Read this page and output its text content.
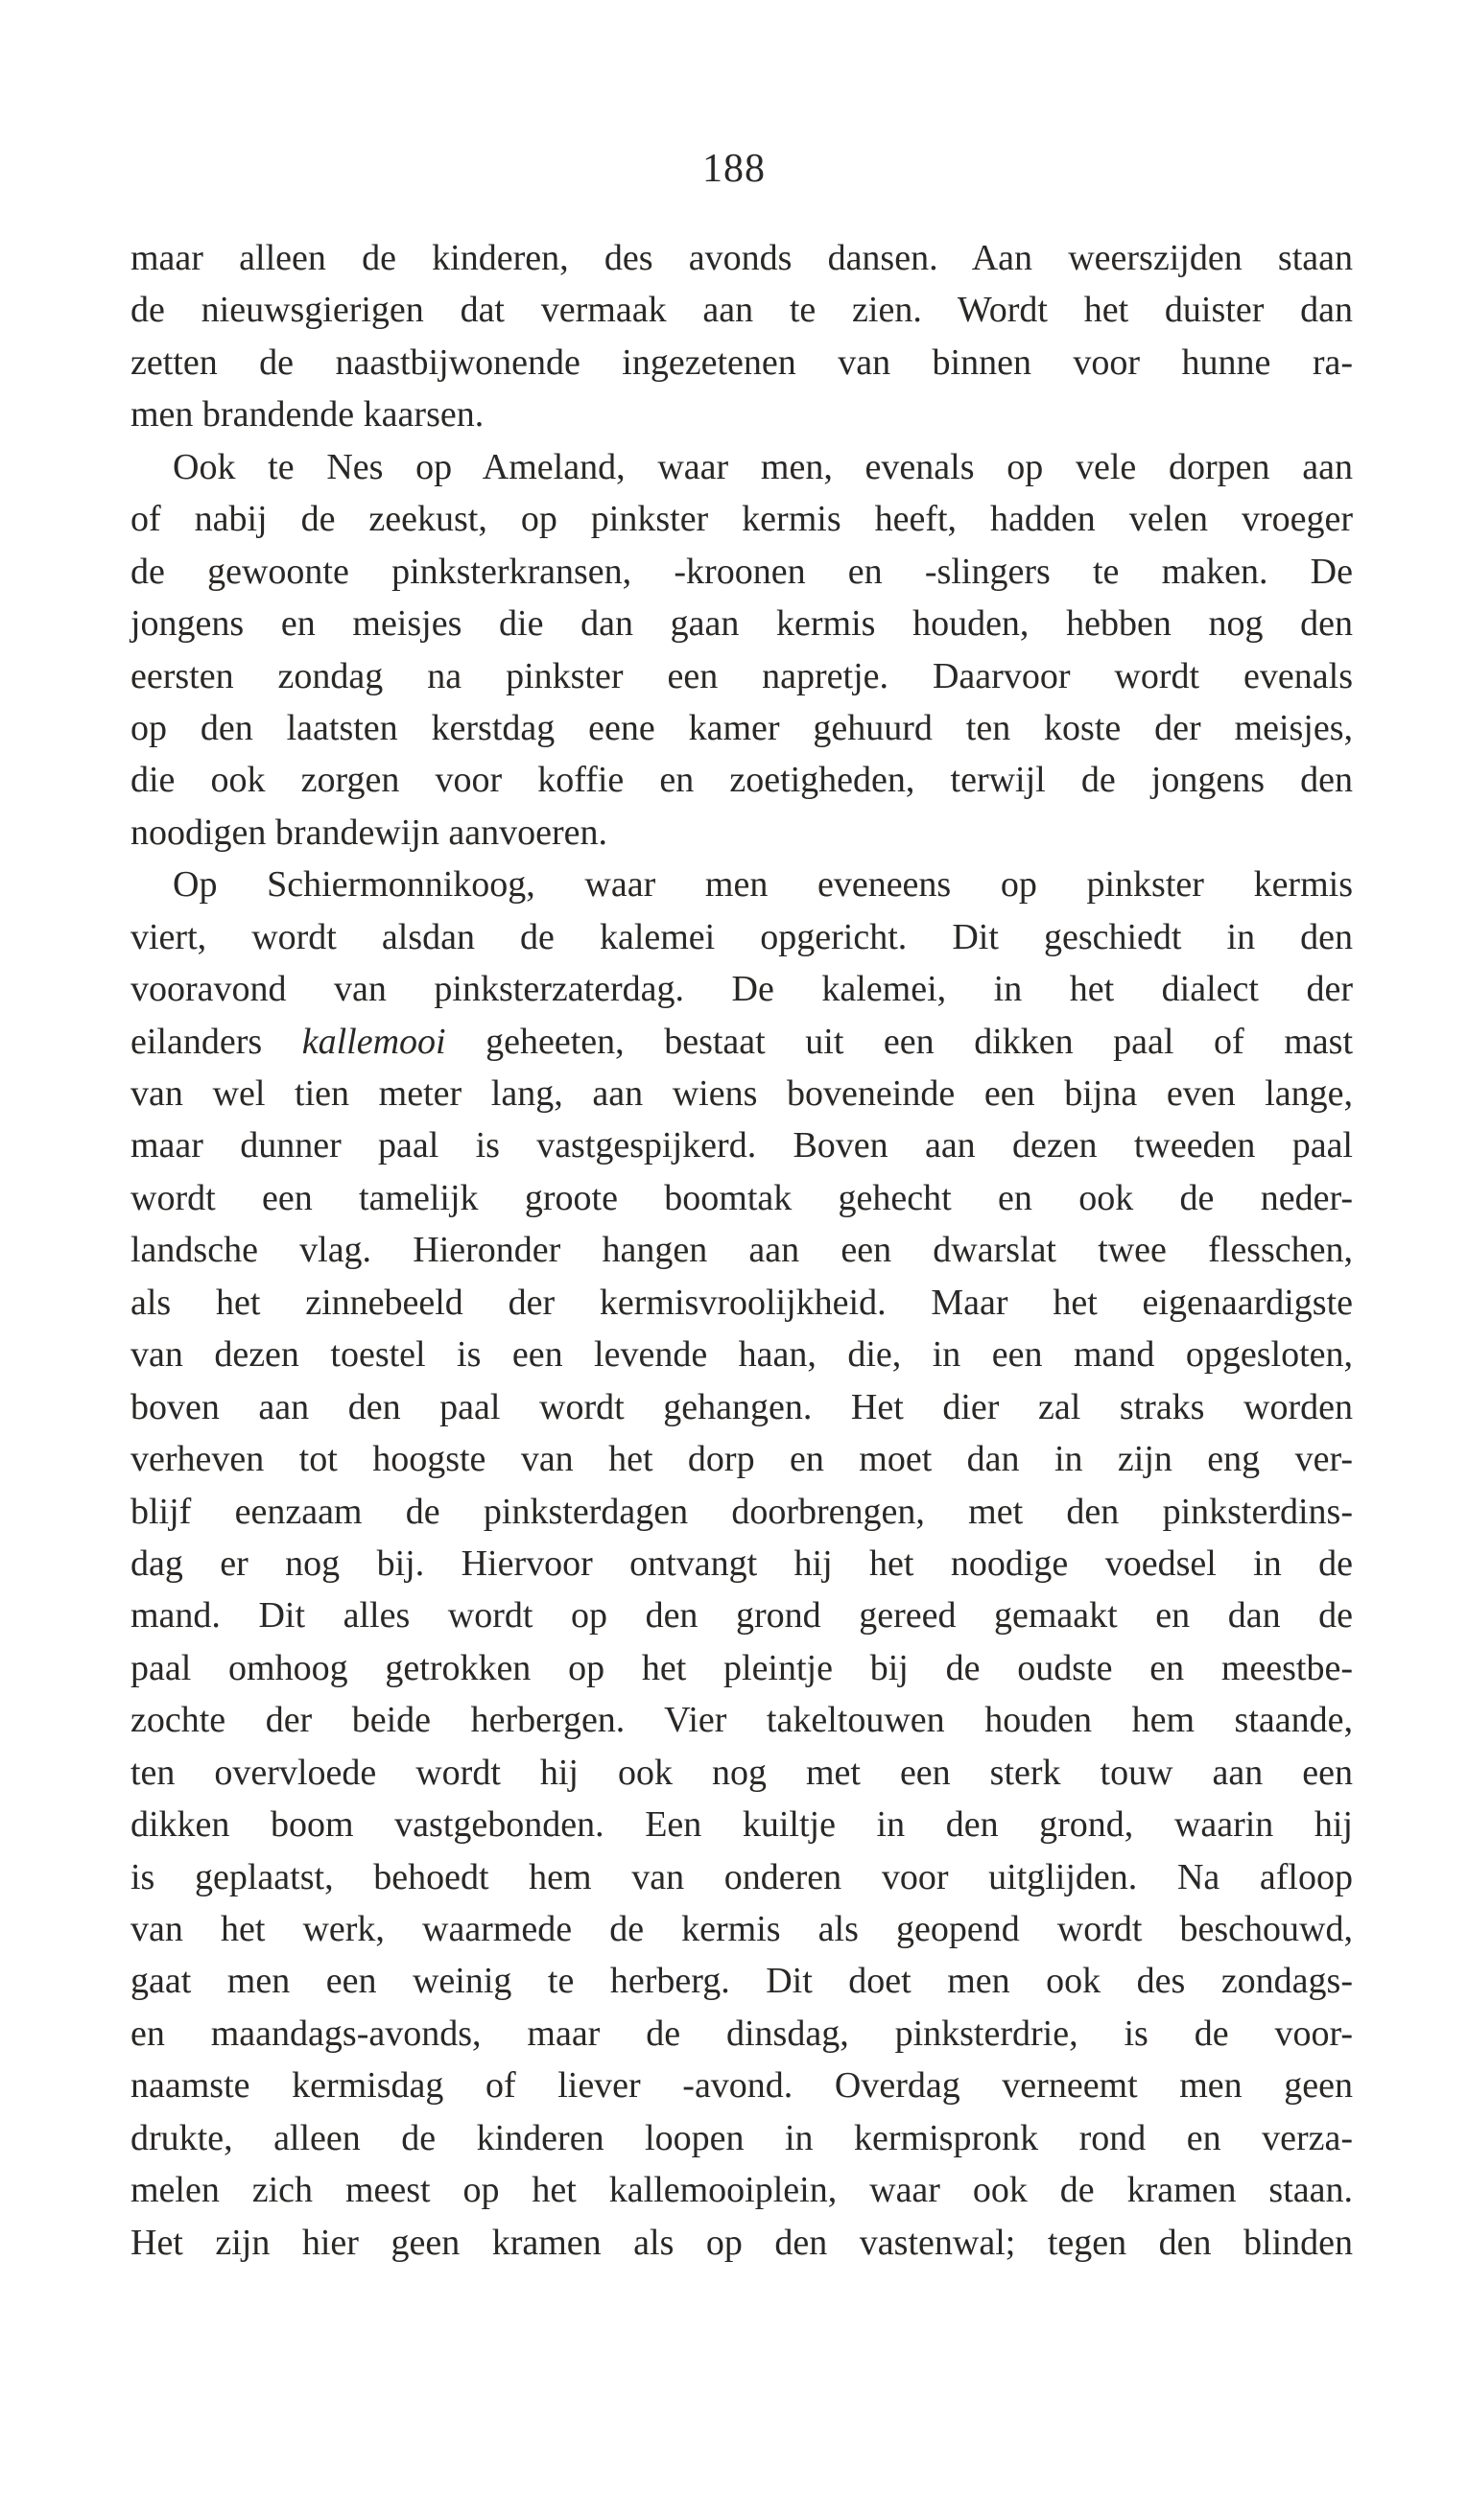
188
maar alleen de kinderen, des avonds dansen. Aan weerszijden staan
de nieuwsgierigen dat vermaak aan te zien. Wordt het duister dan
zetten de naastbijwonende ingezetenen van binnen voor hunne ra-
men brandende kaarsen.
Ook te Nes op Ameland, waar men, evenals op vele dorpen aan
of nabij de zeekust, op pinkster kermis heeft, hadden velen vroeger
de gewoonte pinksterkransen, -kroonen en -slingers te maken. De
jongens en meisjes die dan gaan kermis houden, hebben nog den
eersten zondag na pinkster een napretje. Daarvoor wordt evenals
op den laatsten kerstdag eene kamer gehuurd ten koste der meisjes,
die ook zorgen voor koffie en zoetigheden, terwijl de jongens den
noodigen brandewijn aanvoeren.
Op Schiermonnikoog, waar men eveneens op pinkster kermis
viert, wordt alsdan de kalemei opgericht. Dit geschiedt in den
vooravond van pinksterzaterdag. De kalemei, in het dialect der
eilanders kallemooi geheeten, bestaat uit een dikken paal of mast
van wel tien meter lang, aan wiens boveneinde een bijna even lange,
maar dunner paal is vastgespijkerd. Boven aan dezen tweeden paal
wordt een tamelijk groote boomtak gehecht en ook de neder-
landsche vlag. Hieronder hangen aan een dwarslat twee flesschen,
als het zinnebeeld der kermisvroolijkheid. Maar het eigenaardigste
van dezen toestel is een levende haan, die, in een mand opgesloten,
boven aan den paal wordt gehangen. Het dier zal straks worden
verheven tot hoogste van het dorp en moet dan in zijn eng ver-
blijf eenzaam de pinksterdagen doorbrengen, met den pinksterdins-
dag er nog bij. Hiervoor ontvangt hij het noodige voedsel in de
mand. Dit alles wordt op den grond gereed gemaakt en dan de
paal omhoog getrokken op het pleintje bij de oudste en meestbe-
zochte der beide herbergen. Vier takeltouwen houden hem staande,
ten overvloede wordt hij ook nog met een sterk touw aan een
dikken boom vastgebonden. Een kuiltje in den grond, waarin hij
is geplaatst, behoedt hem van onderen voor uitglijden. Na afloop
van het werk, waarmede de kermis als geopend wordt beschouwd,
gaat men een weinig te herberg. Dit doet men ook des zondags-
en maandags-avonds, maar de dinsdag, pinksterdrie, is de voor-
naamste kermisdag of liever -avond. Overdag verneemt men geen
drukte, alleen de kinderen loopen in kermispronk rond en verza-
melen zich meest op het kallemooiplein, waar ook de kramen staan.
Het zijn hier geen kramen als op den vastenwal; tegen den blinden
